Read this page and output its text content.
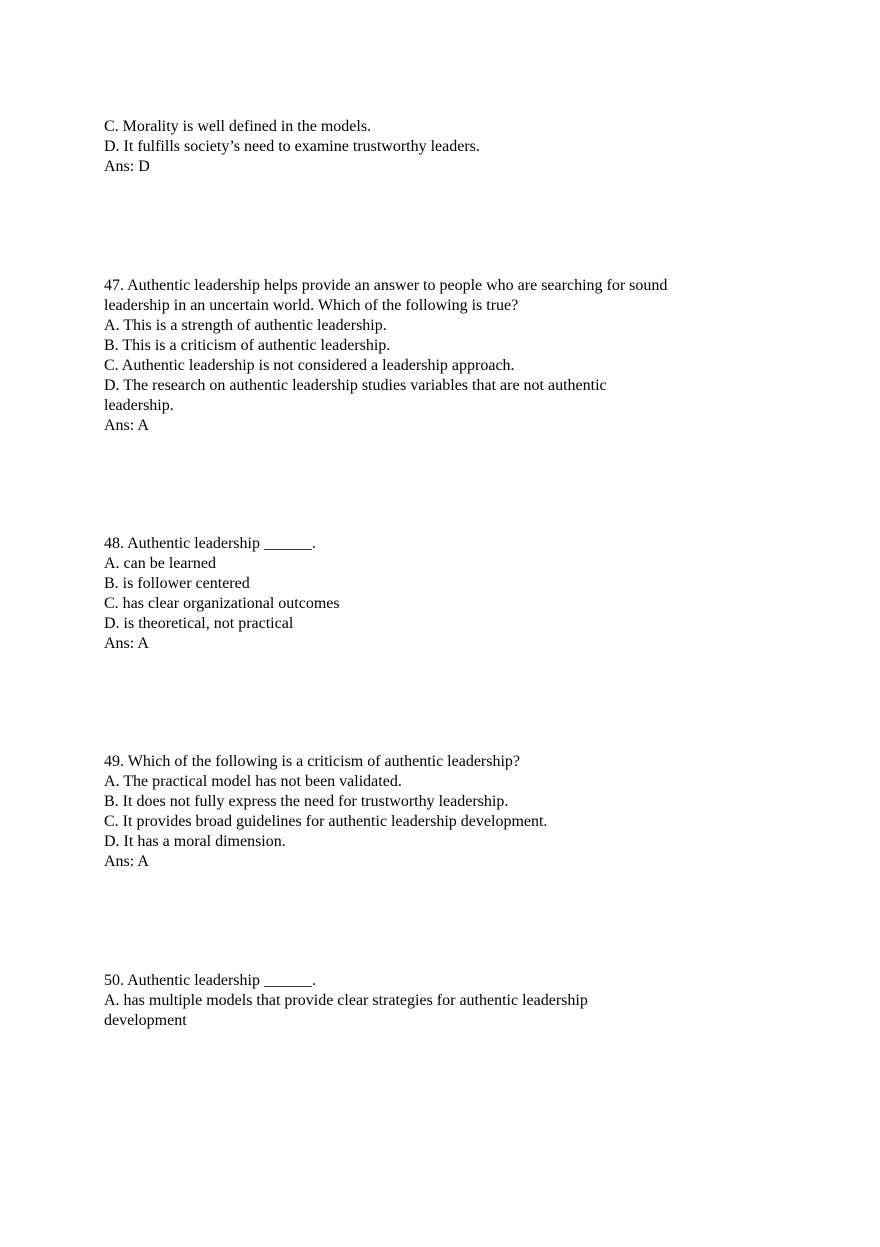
C. Morality is well defined in the models.
D. It fulfills society’s need to examine trustworthy leaders.
Ans: D
47. Authentic leadership helps provide an answer to people who are searching for sound leadership in an uncertain world. Which of the following is true?
A. This is a strength of authentic leadership.
B. This is a criticism of authentic leadership.
C. Authentic leadership is not considered a leadership approach.
D. The research on authentic leadership studies variables that are not authentic leadership.
Ans: A
48. Authentic leadership ______.
A. can be learned
B. is follower centered
C. has clear organizational outcomes
D. is theoretical, not practical
Ans: A
49. Which of the following is a criticism of authentic leadership?
A. The practical model has not been validated.
B. It does not fully express the need for trustworthy leadership.
C. It provides broad guidelines for authentic leadership development.
D. It has a moral dimension.
Ans: A
50. Authentic leadership ______.
A. has multiple models that provide clear strategies for authentic leadership development
